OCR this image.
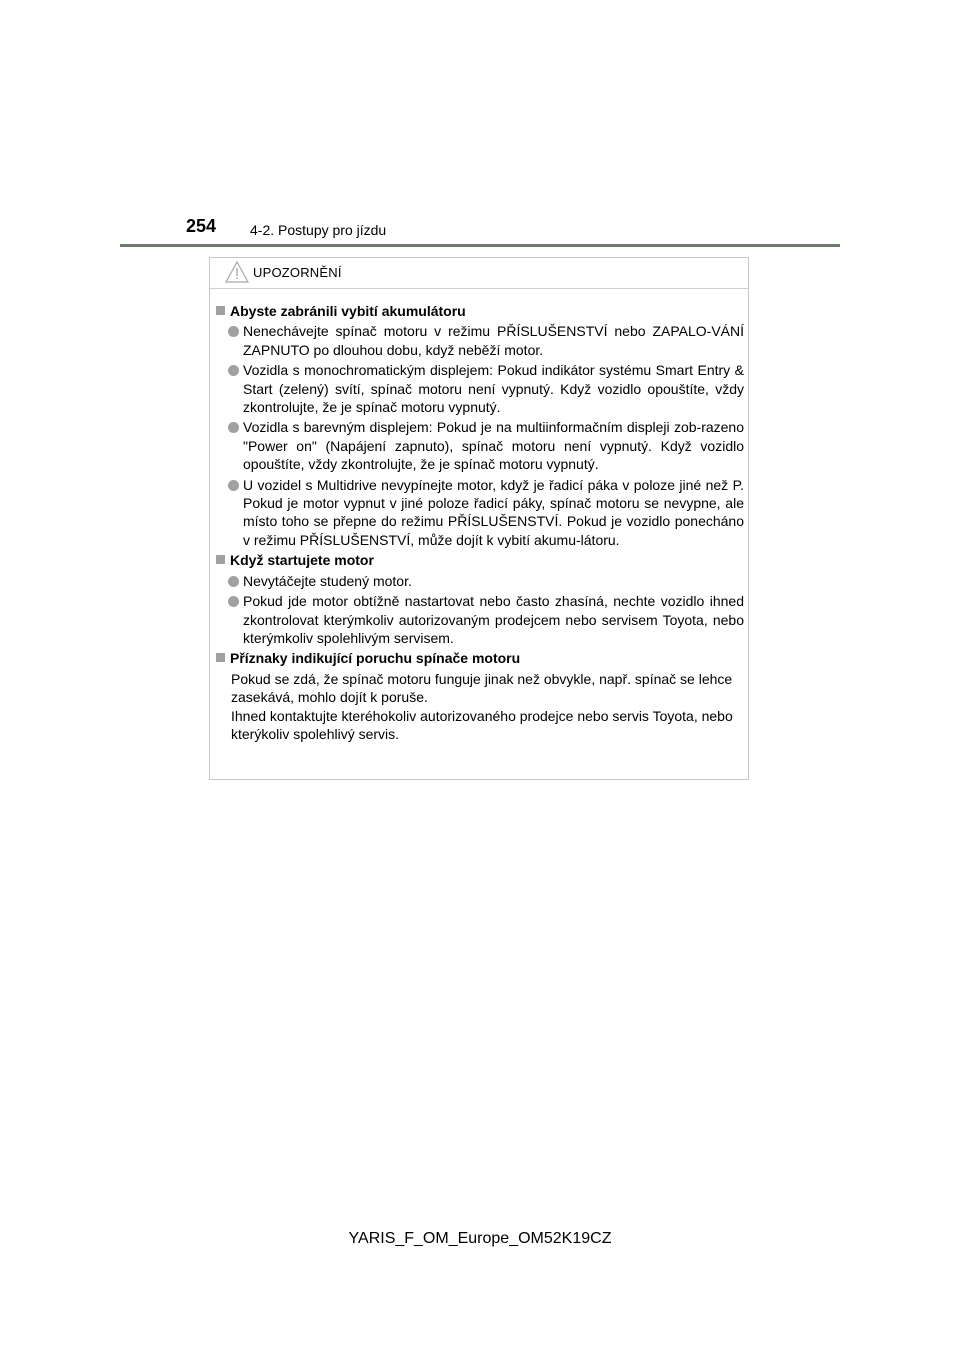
254 4-2. Postupy pro jízdu
UPOZORNĚNÍ
Abyste zabránili vybití akumulátoru
Nenechávejte spínač motoru v režimu PŘÍSLUŠENSTVÍ nebo ZAPALO-VÁNÍ ZAPNUTO po dlouhou dobu, když neběží motor.
Vozidla s monochromatickým displejem: Pokud indikátor systému Smart Entry & Start (zelený) svítí, spínač motoru není vypnutý. Když vozidlo opouštíte, vždy zkontrolujte, že je spínač motoru vypnutý.
Vozidla s barevným displejem: Pokud je na multiinformačním displeji zob-razeno "Power on" (Napájení zapnuto), spínač motoru není vypnutý. Když vozidlo opouštíte, vždy zkontrolujte, že je spínač motoru vypnutý.
U vozidel s Multidrive nevypínejte motor, když je řadicí páka v poloze jiné než P. Pokud je motor vypnut v jiné poloze řadicí páky, spínač motoru se nevypne, ale místo toho se přepne do režimu PŘÍSLUŠENSTVÍ. Pokud je vozidlo ponecháno v režimu PŘÍSLUŠENSTVÍ, může dojít k vybití akumu-látoru.
Když startujete motor
Nevytáčejte studený motor.
Pokud jde motor obtížně nastartovat nebo často zhasíná, nechte vozidlo ihned zkontrolovat kterýmkoliv autorizovaným prodejcem nebo servisem Toyota, nebo kterýmkoliv spolehlivým servisem.
Příznaky indikující poruchu spínače motoru
Pokud se zdá, že spínač motoru funguje jinak než obvykle, např. spínač se lehce zasekává, mohlo dojít k poruše.
Ihned kontaktujte kteréhokoliv autorizovaného prodejce nebo servis Toyota, nebo kterýkoliv spolehlivý servis.
YARIS_F_OM_Europe_OM52K19CZ
